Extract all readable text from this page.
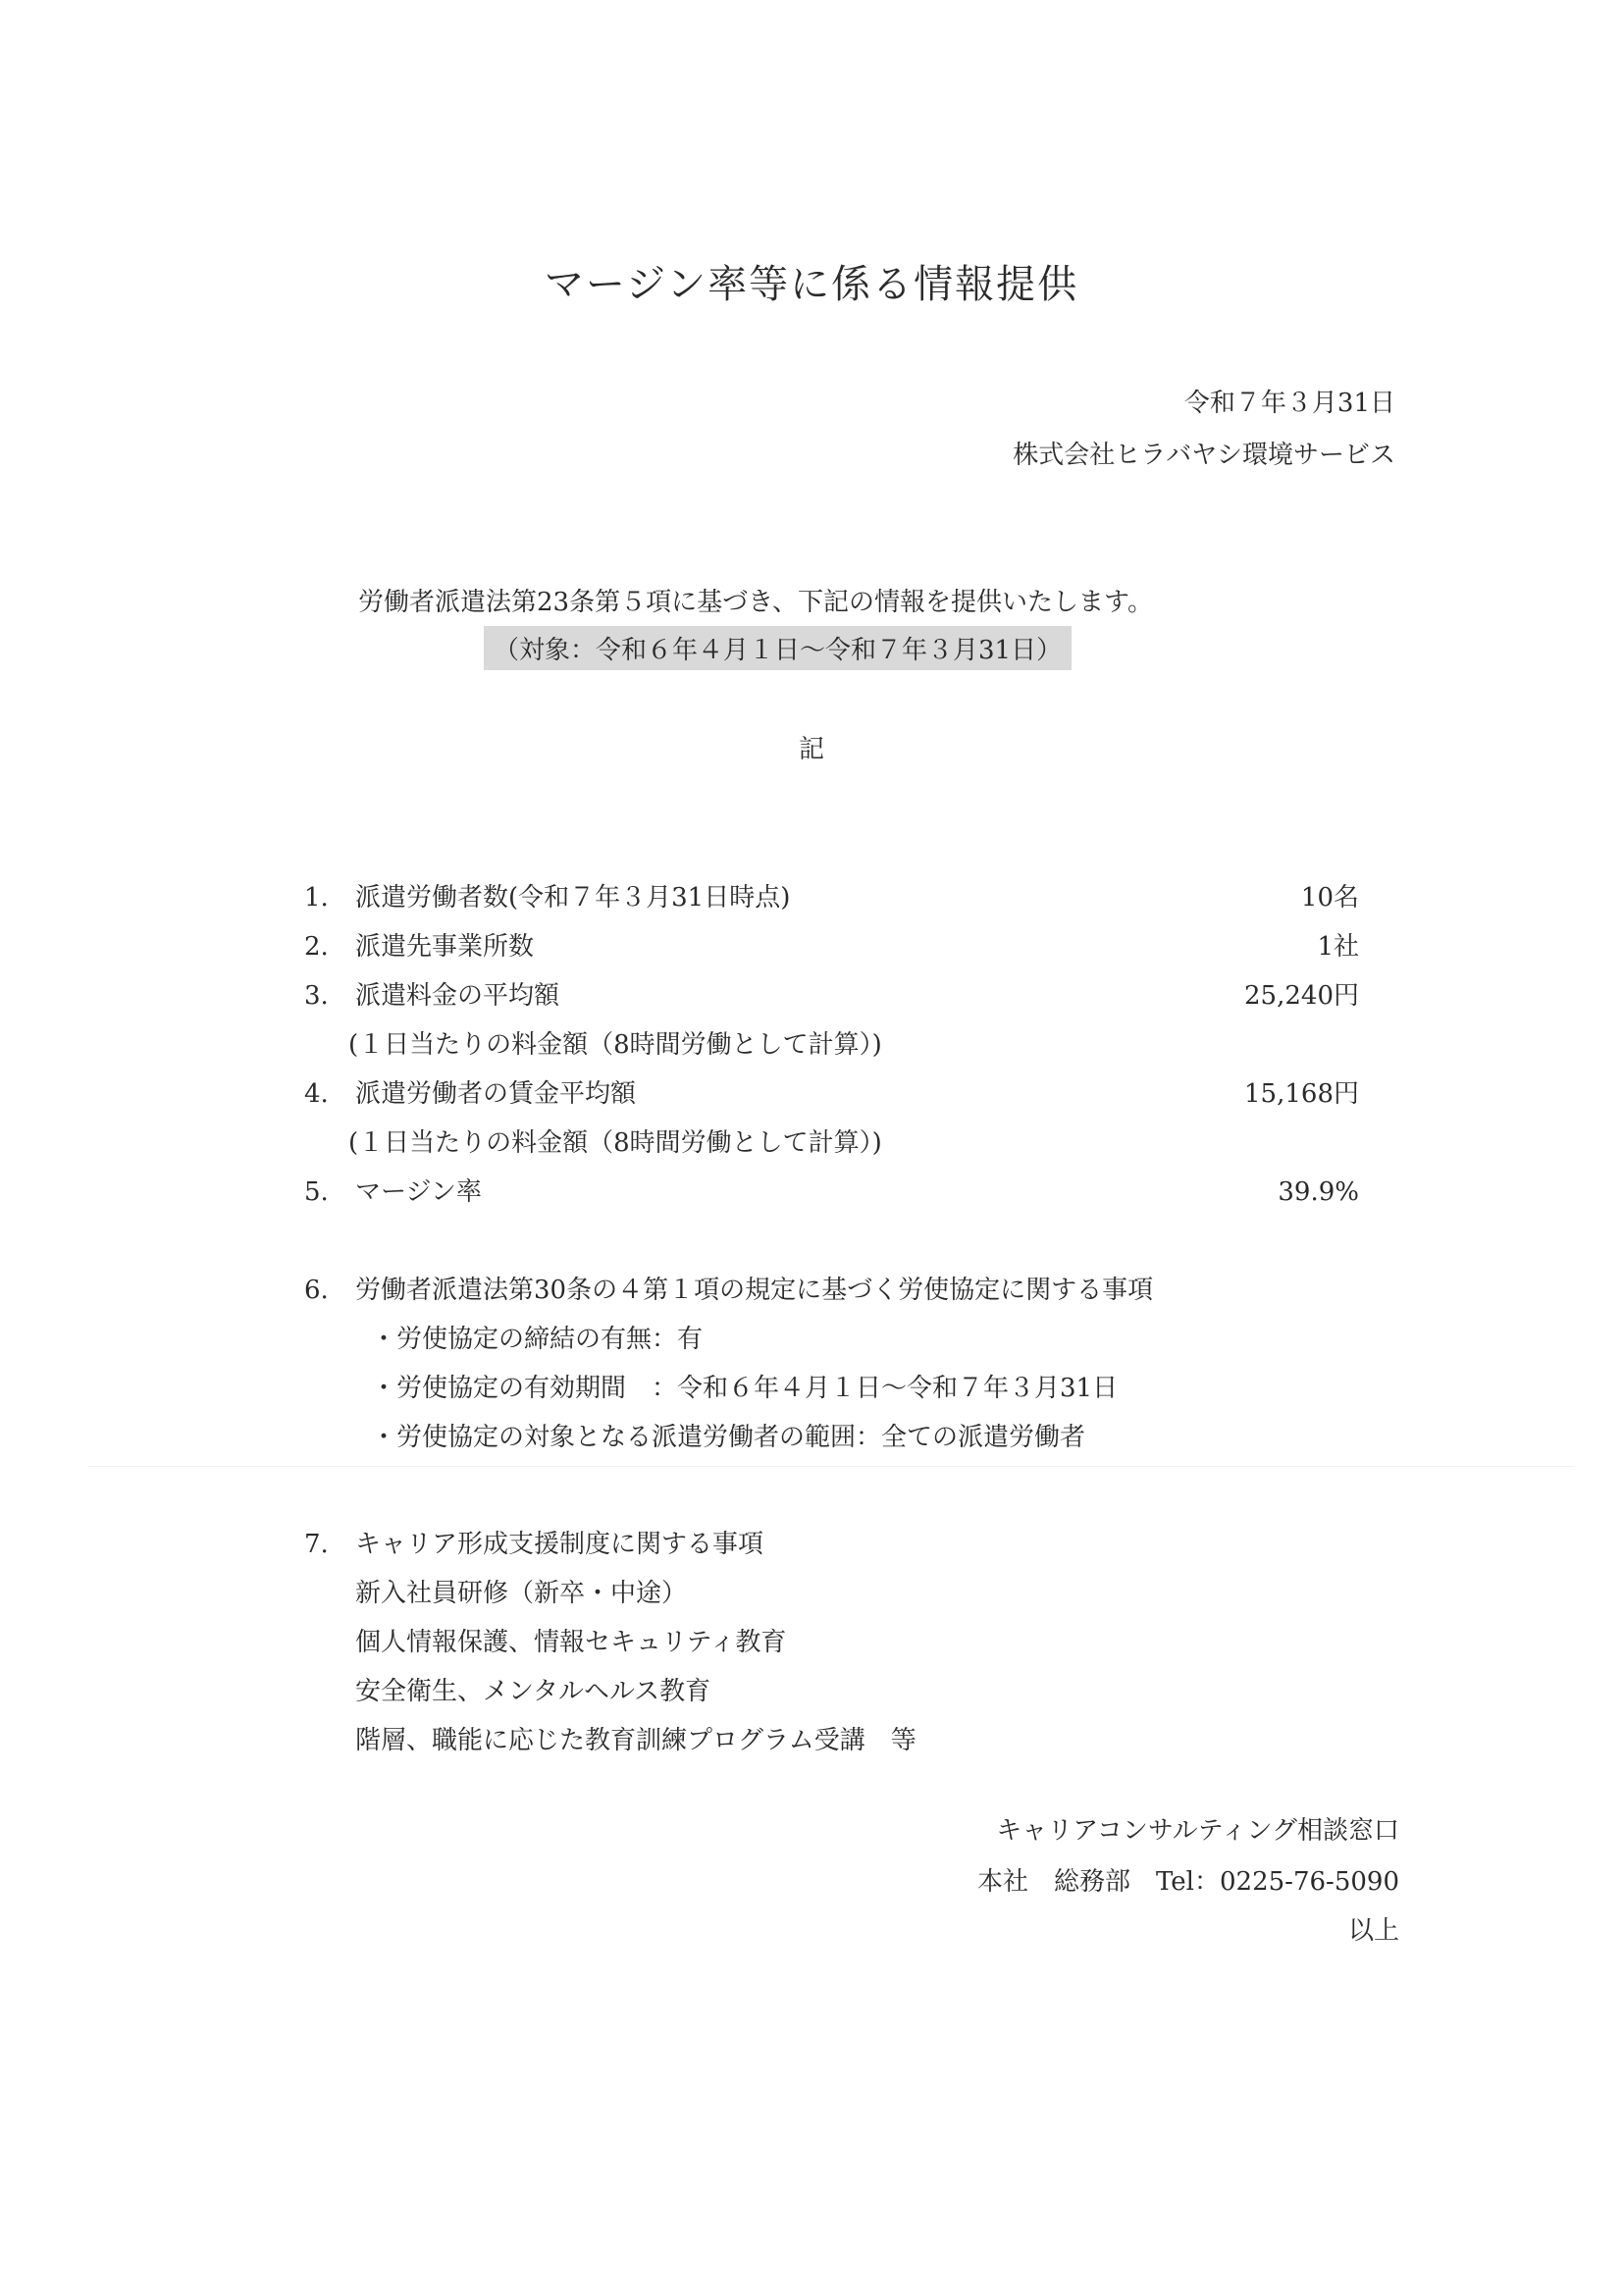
マージン率等に係る情報提供
令和７年３月31日
株式会社ヒラバヤシ環境サービス
労働者派遣法第23条第５項に基づき、下記の情報を提供いたします。
（対象：令和６年４月１日～令和７年３月31日）
記
1.	派遣労働者数(令和７年３月31日時点)	10名
2.	派遣先事業所数	1社
3.	派遣料金の平均額	25,240円
(１日当たりの料金額（8時間労働として計算）)
4.	派遣労働者の賃金平均額	15,168円
(１日当たりの料金額（8時間労働として計算）)
5.	マージン率	39.9%
6.	労働者派遣法第30条の４第１項の規定に基づく労使協定に関する事項
・労使協定の締結の有無：有
・労使協定の有効期間　：令和６年４月１日～令和７年３月31日
・労使協定の対象となる派遣労働者の範囲：全ての派遣労働者
7.	キャリア形成支援制度に関する事項
新入社員研修（新卒・中途）
個人情報保護、情報セキュリティ教育
安全衛生、メンタルヘルス教育
階層、職能に応じた教育訓練プログラム受講　等
キャリアコンサルティング相談窓口
本社　総務部　Tel：0225-76-5090
以上
